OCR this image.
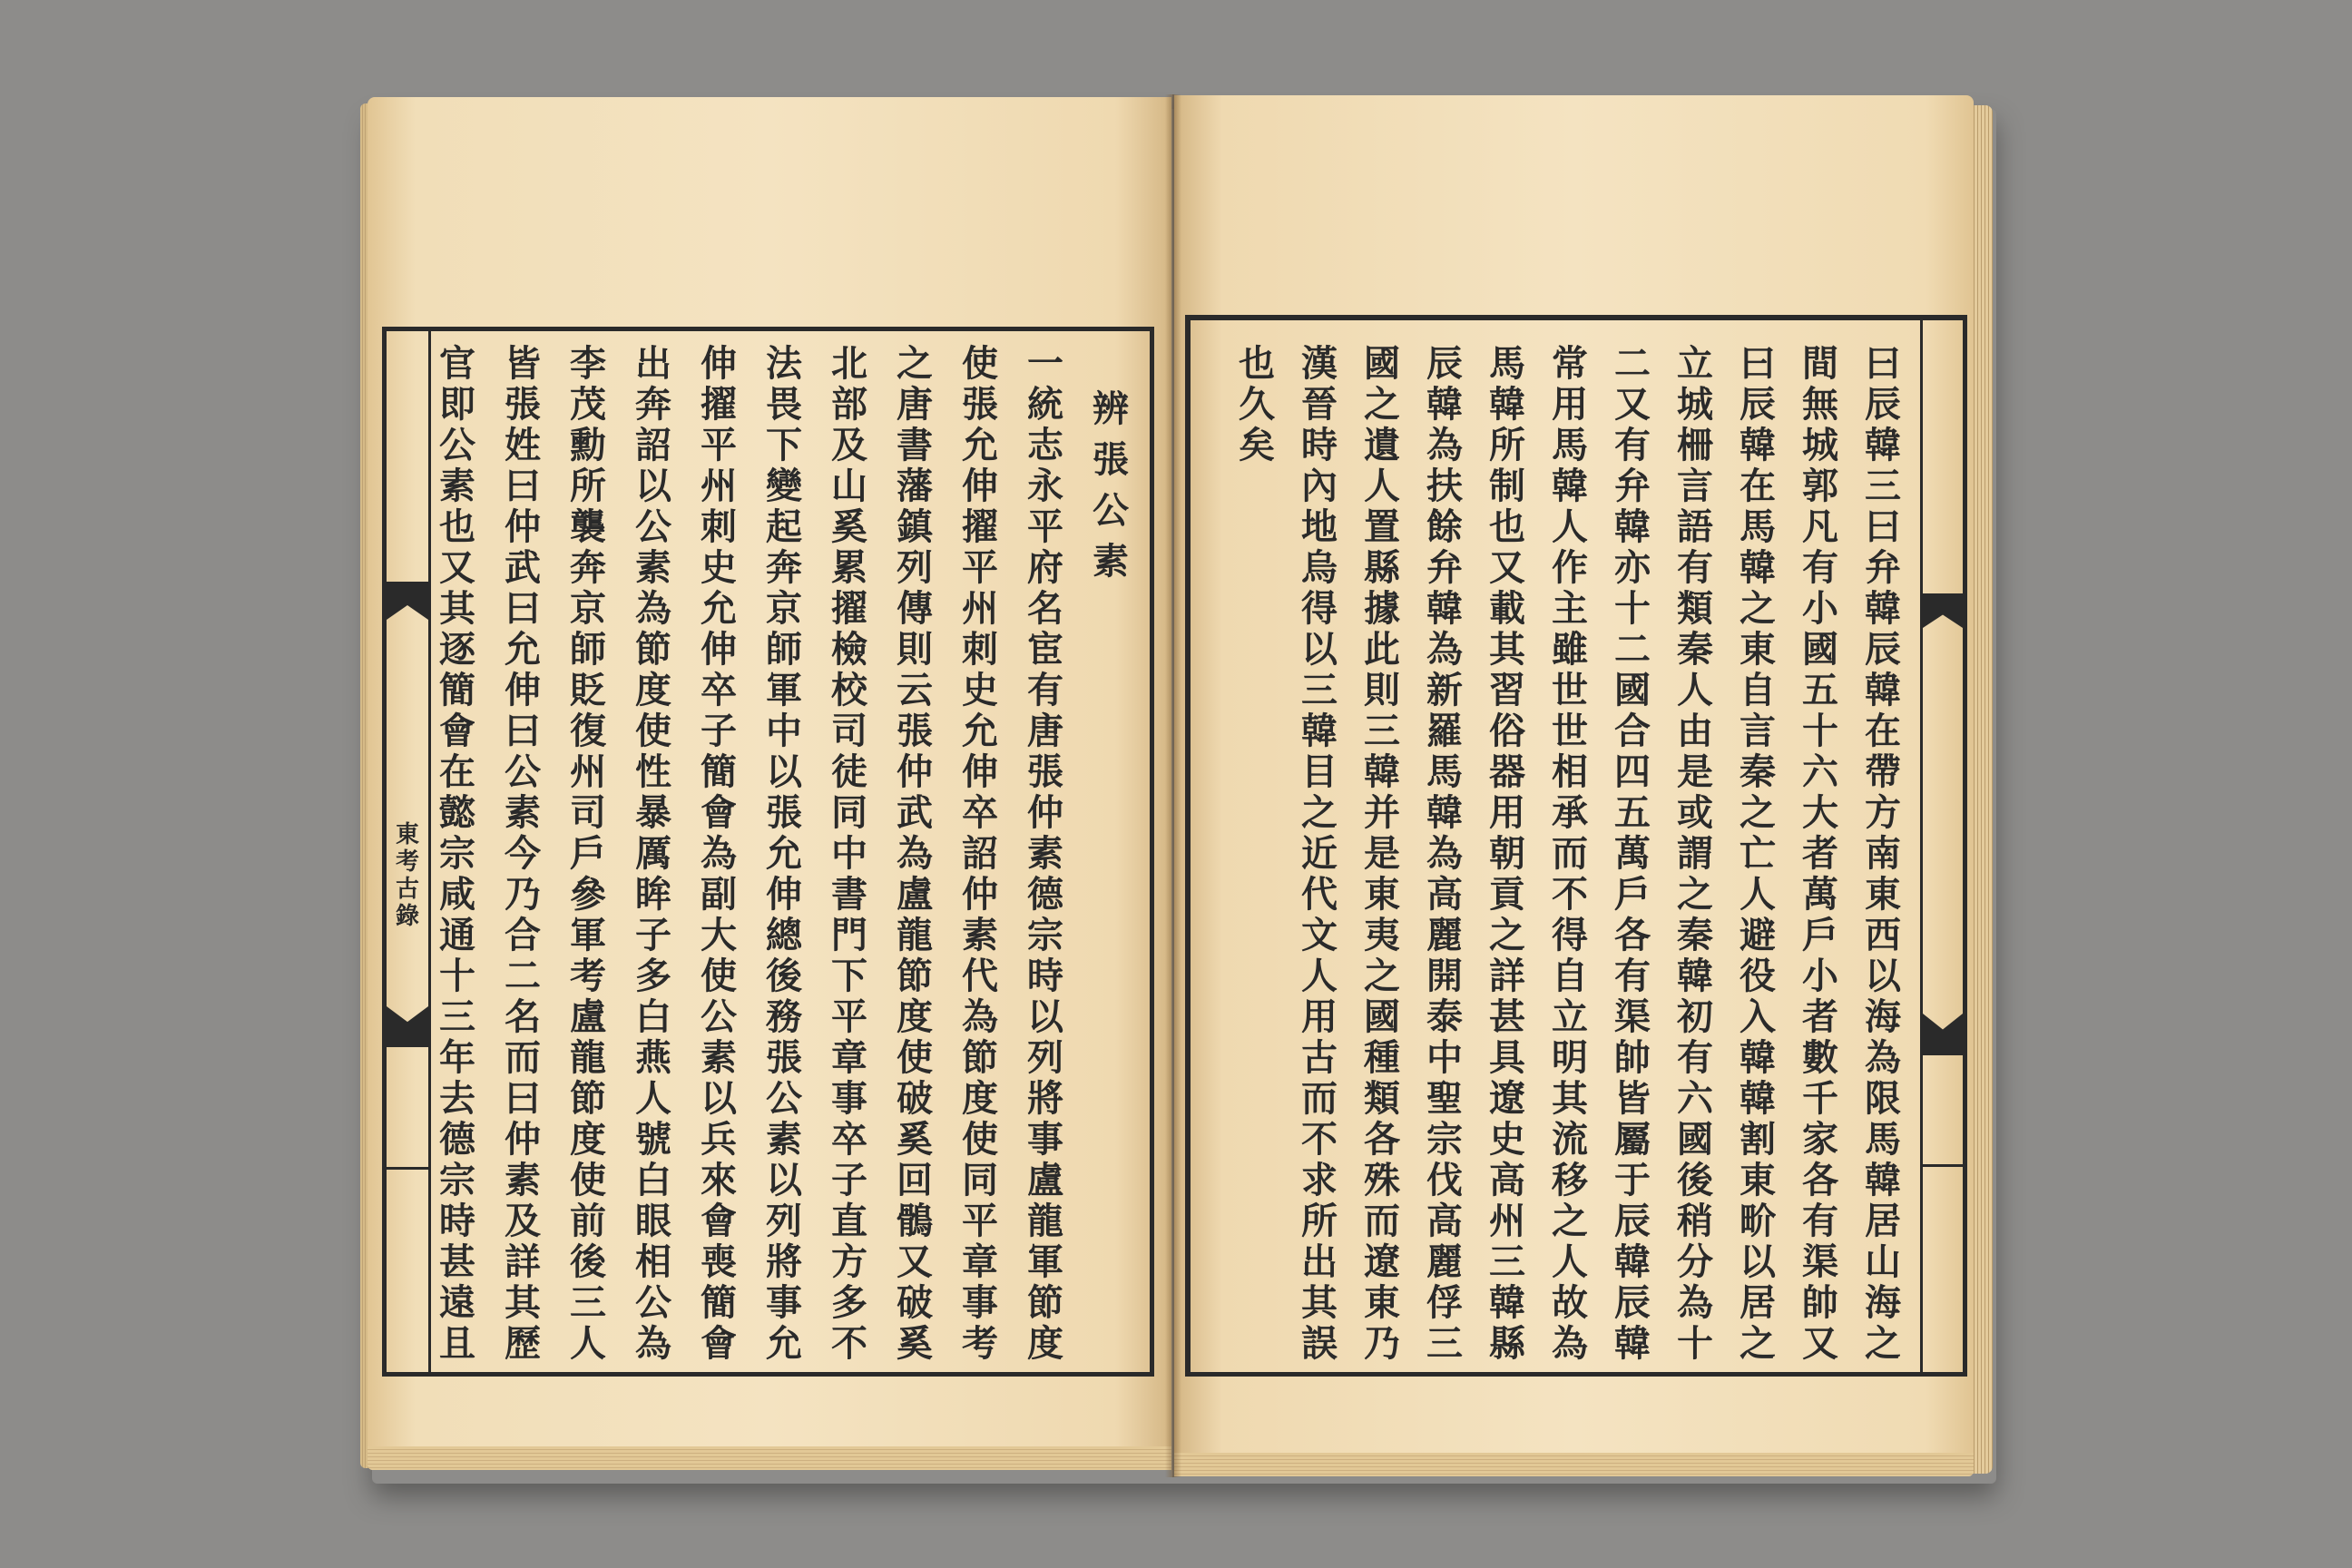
東
考
古
錄
辨
張
公
素
一
統
志
永
平
府
名
宦
有
唐
張
仲
素
德
宗
時
以
列
將
事
盧
龍
軍
節
度
使
張
允
伸
擢
平
州
刺
史
允
伸
卒
詔
仲
素
代
為
節
度
使
同
平
章
事
考
之
唐
書
藩
鎮
列
傳
則
云
張
仲
武
為
盧
龍
節
度
使
破
奚
回
鶻
又
破
奚
北
部
及
山
奚
累
擢
檢
校
司
徒
同
中
書
門
下
平
章
事
卒
子
直
方
多
不
法
畏
下
變
起
奔
京
師
軍
中
以
張
允
伸
總
後
務
張
公
素
以
列
將
事
允
伸
擢
平
州
刺
史
允
伸
卒
子
簡
會
為
副
大
使
公
素
以
兵
來
會
喪
簡
會
出
奔
詔
以
公
素
為
節
度
使
性
暴
厲
眸
子
多
白
燕
人
號
白
眼
相
公
為
李
茂
勳
所
襲
奔
京
師
貶
復
州
司
戶
參
軍
考
盧
龍
節
度
使
前
後
三
人
皆
張
姓
曰
仲
武
曰
允
伸
曰
公
素
今
乃
合
二
名
而
曰
仲
素
及
詳
其
歷
官
即
公
素
也
又
其
逐
簡
會
在
懿
宗
咸
通
十
三
年
去
德
宗
時
甚
遠
且
曰
辰
韓
三
曰
弁
韓
辰
韓
在
帶
方
南
東
西
以
海
為
限
馬
韓
居
山
海
之
間
無
城
郭
凡
有
小
國
五
十
六
大
者
萬
戶
小
者
數
千
家
各
有
渠
帥
又
曰
辰
韓
在
馬
韓
之
東
自
言
秦
之
亡
人
避
役
入
韓
韓
割
東
畍
以
居
之
立
城
柵
言
語
有
類
秦
人
由
是
或
謂
之
秦
韓
初
有
六
國
後
稍
分
為
十
二
又
有
弁
韓
亦
十
二
國
合
四
五
萬
戶
各
有
渠
帥
皆
屬
于
辰
韓
辰
韓
常
用
馬
韓
人
作
主
雖
世
世
相
承
而
不
得
自
立
明
其
流
移
之
人
故
為
馬
韓
所
制
也
又
載
其
習
俗
器
用
朝
貢
之
詳
甚
具
遼
史
高
州
三
韓
縣
辰
韓
為
扶
餘
弁
韓
為
新
羅
馬
韓
為
高
麗
開
泰
中
聖
宗
伐
高
麗
俘
三
國
之
遺
人
置
縣
據
此
則
三
韓
并
是
東
夷
之
國
種
類
各
殊
而
遼
東
乃
漢
晉
時
內
地
烏
得
以
三
韓
目
之
近
代
文
人
用
古
而
不
求
所
出
其
誤
也
久
矣
